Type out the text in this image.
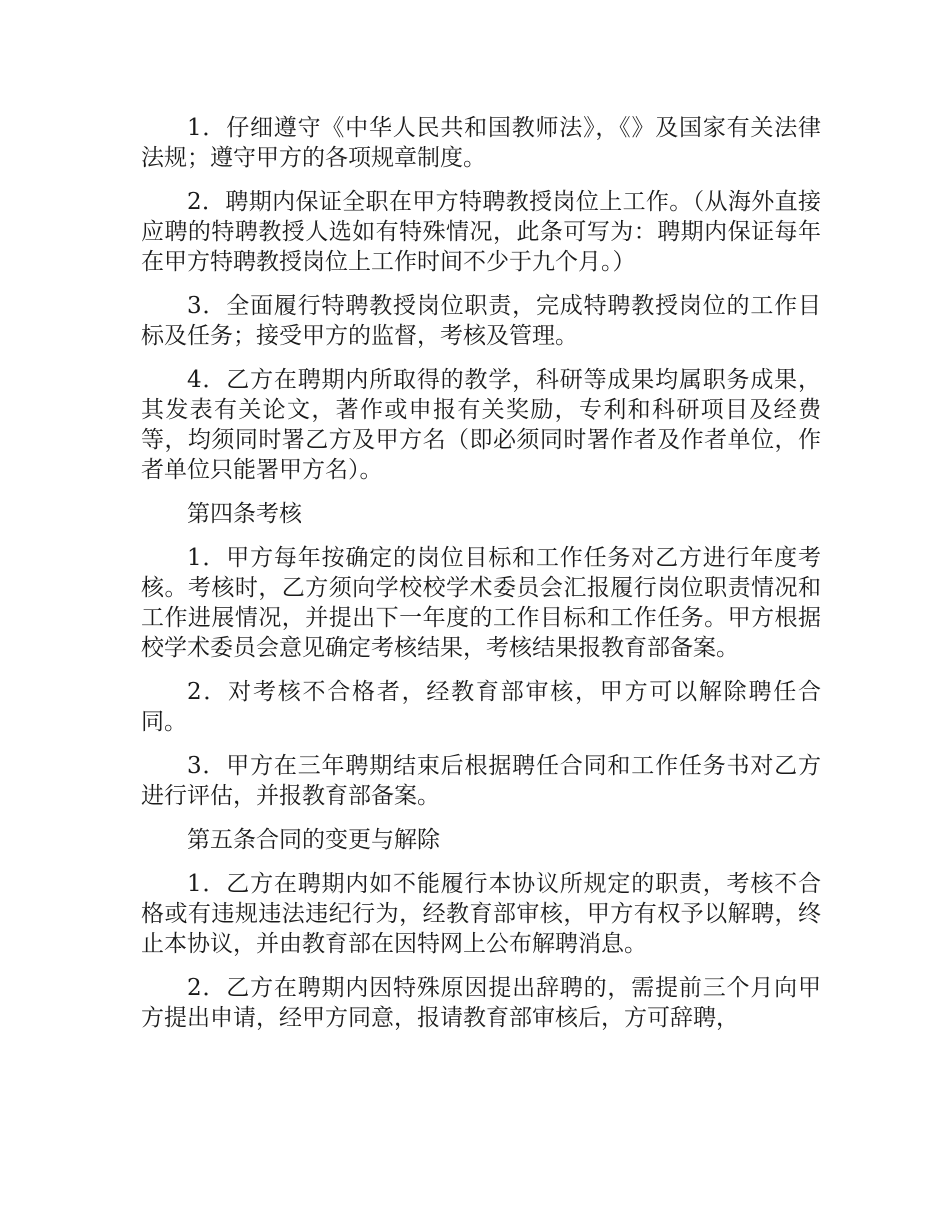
1．仔细遵守《中华人民共和国教师法》，《》及国家有关法律法规；遵守甲方的各项规章制度。

2．聘期内保证全职在甲方特聘教授岗位上工作。（从海外直接应聘的特聘教授人选如有特殊情况，此条可写为：聘期内保证每年在甲方特聘教授岗位上工作时间不少于九个月。）

3．全面履行特聘教授岗位职责，完成特聘教授岗位的工作目标及任务；接受甲方的监督，考核及管理。

4．乙方在聘期内所取得的教学，科研等成果均属职务成果，其发表有关论文，著作或申报有关奖励，专利和科研项目及经费等，均须同时署乙方及甲方名（即必须同时署作者及作者单位，作者单位只能署甲方名）。

第四条考核

1．甲方每年按确定的岗位目标和工作任务对乙方进行年度考核。考核时，乙方须向学校校学术委员会汇报履行岗位职责情况和工作进展情况，并提出下一年度的工作目标和工作任务。甲方根据校学术委员会意见确定考核结果，考核结果报教育部备案。

2．对考核不合格者，经教育部审核，甲方可以解除聘任合同。

3．甲方在三年聘期结束后根据聘任合同和工作任务书对乙方进行评估，并报教育部备案。

第五条合同的变更与解除

1．乙方在聘期内如不能履行本协议所规定的职责，考核不合格或有违规违法违纪行为，经教育部审核，甲方有权予以解聘，终止本协议，并由教育部在因特网上公布解聘消息。

2．乙方在聘期内因特殊原因提出辞聘的，需提前三个月向甲方提出申请，经甲方同意，报请教育部审核后，方可辞聘，
